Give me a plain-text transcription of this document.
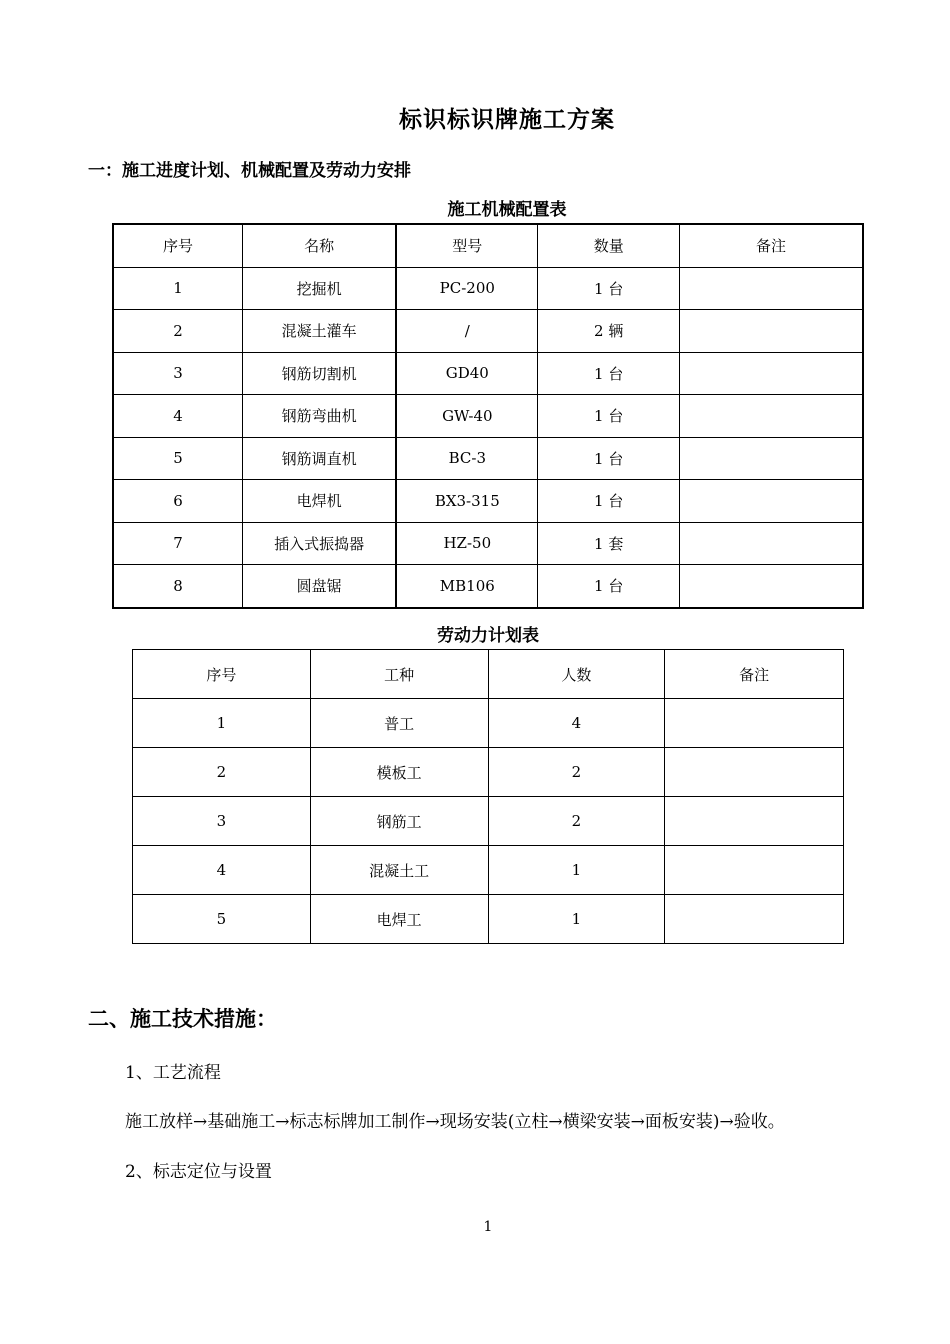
标识标识牌施工方案
一：施工进度计划、机械配置及劳动力安排
施工机械配置表
序号	名称	型号	数量	备注
1	挖掘机	PC-200	1 台	
2	混凝土灌车	/	2 辆	
3	钢筋切割机	GD40	1 台	
4	钢筋弯曲机	GW-40	1 台	
5	钢筋调直机	BC-3	1 台	
6	电焊机	BX3-315	1 台	
7	插入式振捣器	HZ-50	1 套	
8	圆盘锯	MB106	1 台	
劳动力计划表
序号	工种	人数	备注
1	普工	4	
2	模板工	2	
3	钢筋工	2	
4	混凝土工	1	
5	电焊工	1	
二、施工技术措施：
1、工艺流程
施工放样→基础施工→标志标牌加工制作→现场安装(立柱→横梁安装→面板安装)→验收。
2、标志定位与设置
1
